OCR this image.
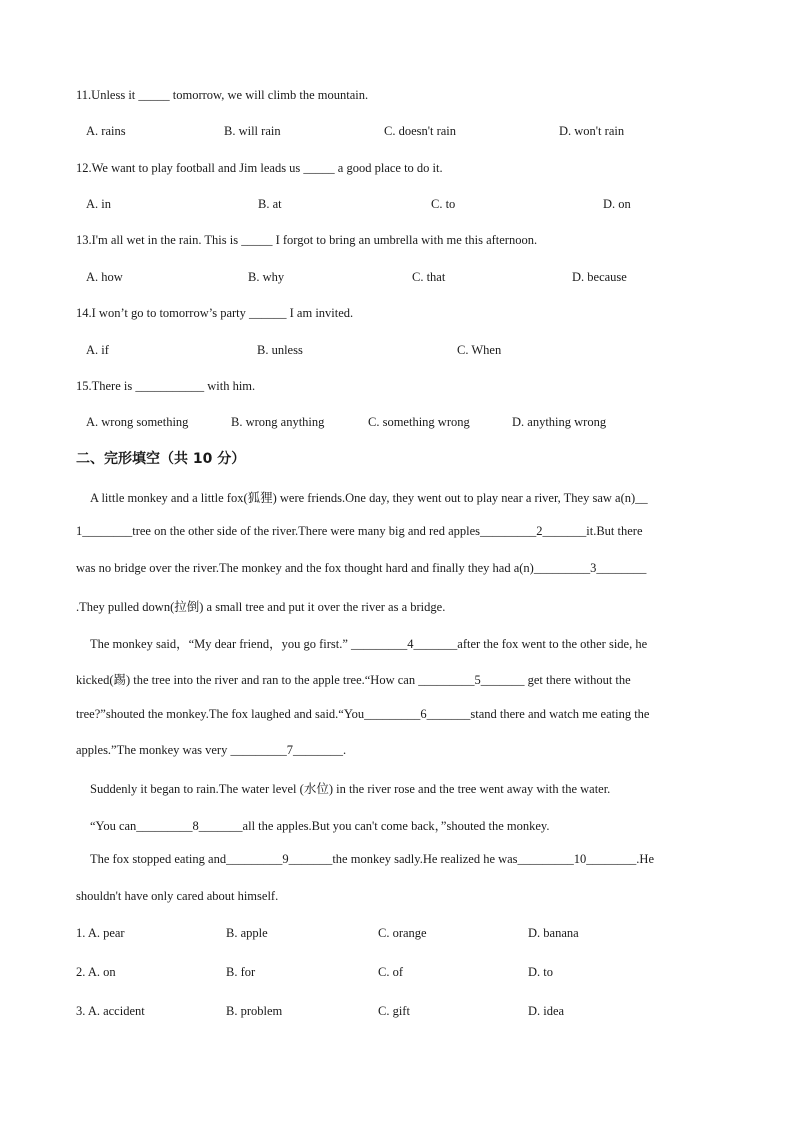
11.Unless it _____ tomorrow, we will climb the mountain.
A. rains	B. will rain	C. doesn't rain	D. won't rain
12.We want to play football and Jim leads us _____ a good place to do it.
A. in	B. at	C. to	D. on
13.I'm all wet in the rain. This is _____ I forgot to bring an umbrella with me this afternoon.
A. how	B. why	C. that	D. because
14.I won’t go to tomorrow’s party ______ I am invited.
A. if	B. unless	C. When
15.There is ___________ with him.
A. wrong something	B. wrong anything	C. something wrong	D. anything wrong
二、完形填空（共 10 分）
A little monkey and a little fox(狐狸) were friends.One day, they went out to play near a river, They saw a(n)__
1________tree on the other side of the river.There were many big and red apples_________2_______it.But there
was no bridge over the river.The monkey and the fox thought hard and finally they had a(n)_________3________
.They pulled down(拉倒) a small tree and put it over the river as a bridge.
The monkey said，“My dear friend，you go first.” _________4_______after the fox went to the other side, he
kicked(踢) the tree into the river and ran to the apple tree.“How can _________5_______ get there without the
tree?”shouted the monkey.The fox laughed and said.“You_________6_______stand there and watch me eating the
apples.”The monkey was very _________7________.
Suddenly it began to rain.The water level (水位) in the river rose and the tree went away with the water.
“You can_________8_______all the apples.But you can't come back，”shouted the monkey.
The fox stopped eating and_________9_______the monkey sadly.He realized he was_________10________.He
shouldn't have only cared about himself.
1. A. pear	B. apple	C. orange	D. banana
2. A. on	B. for	C. of	D. to
3. A. accident	B. problem	C. gift	D. idea
